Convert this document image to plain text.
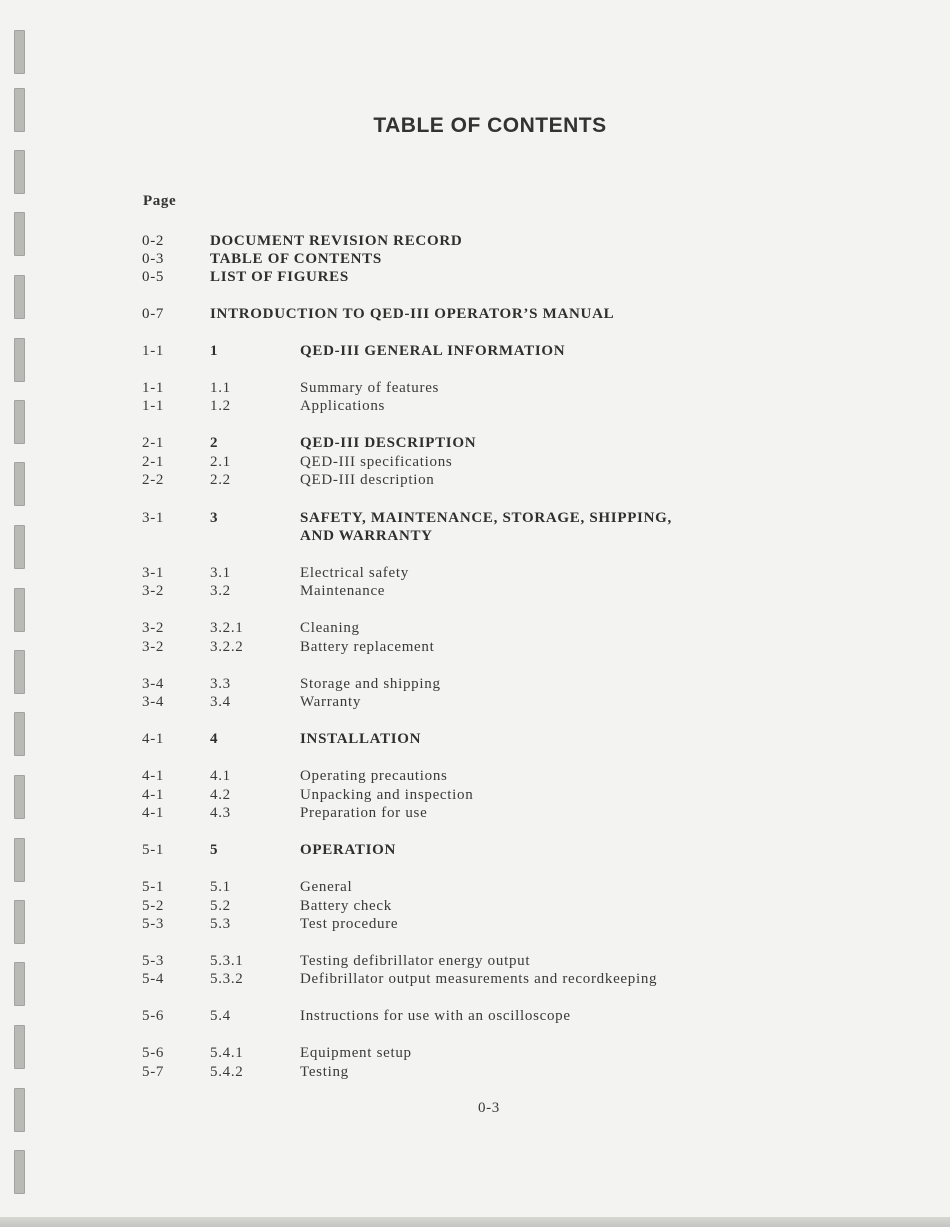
TABLE OF CONTENTS
Page
0-2	DOCUMENT REVISION RECORD
0-3	TABLE OF CONTENTS
0-5	LIST OF FIGURES
0-7	INTRODUCTION TO QED-III OPERATOR’S MANUAL
1-1	1	QED-III GENERAL INFORMATION
1-1	1.1	Summary of features
1-1	1.2	Applications
2-1	2	QED-III DESCRIPTION
2-1	2.1	QED-III specifications
2-2	2.2	QED-III description
3-1	3	SAFETY, MAINTENANCE, STORAGE, SHIPPING,
AND WARRANTY
3-1	3.1	Electrical safety
3-2	3.2	Maintenance
3-2	3.2.1	Cleaning
3-2	3.2.2	Battery replacement
3-4	3.3	Storage and shipping
3-4	3.4	Warranty
4-1	4	INSTALLATION
4-1	4.1	Operating precautions
4-1	4.2	Unpacking and inspection
4-1	4.3	Preparation for use
5-1	5	OPERATION
5-1	5.1	General
5-2	5.2	Battery check
5-3	5.3	Test procedure
5-3	5.3.1	Testing defibrillator energy output
5-4	5.3.2	Defibrillator output measurements and recordkeeping
5-6	5.4	Instructions for use with an oscilloscope
5-6	5.4.1	Equipment setup
5-7	5.4.2	Testing
0-3
